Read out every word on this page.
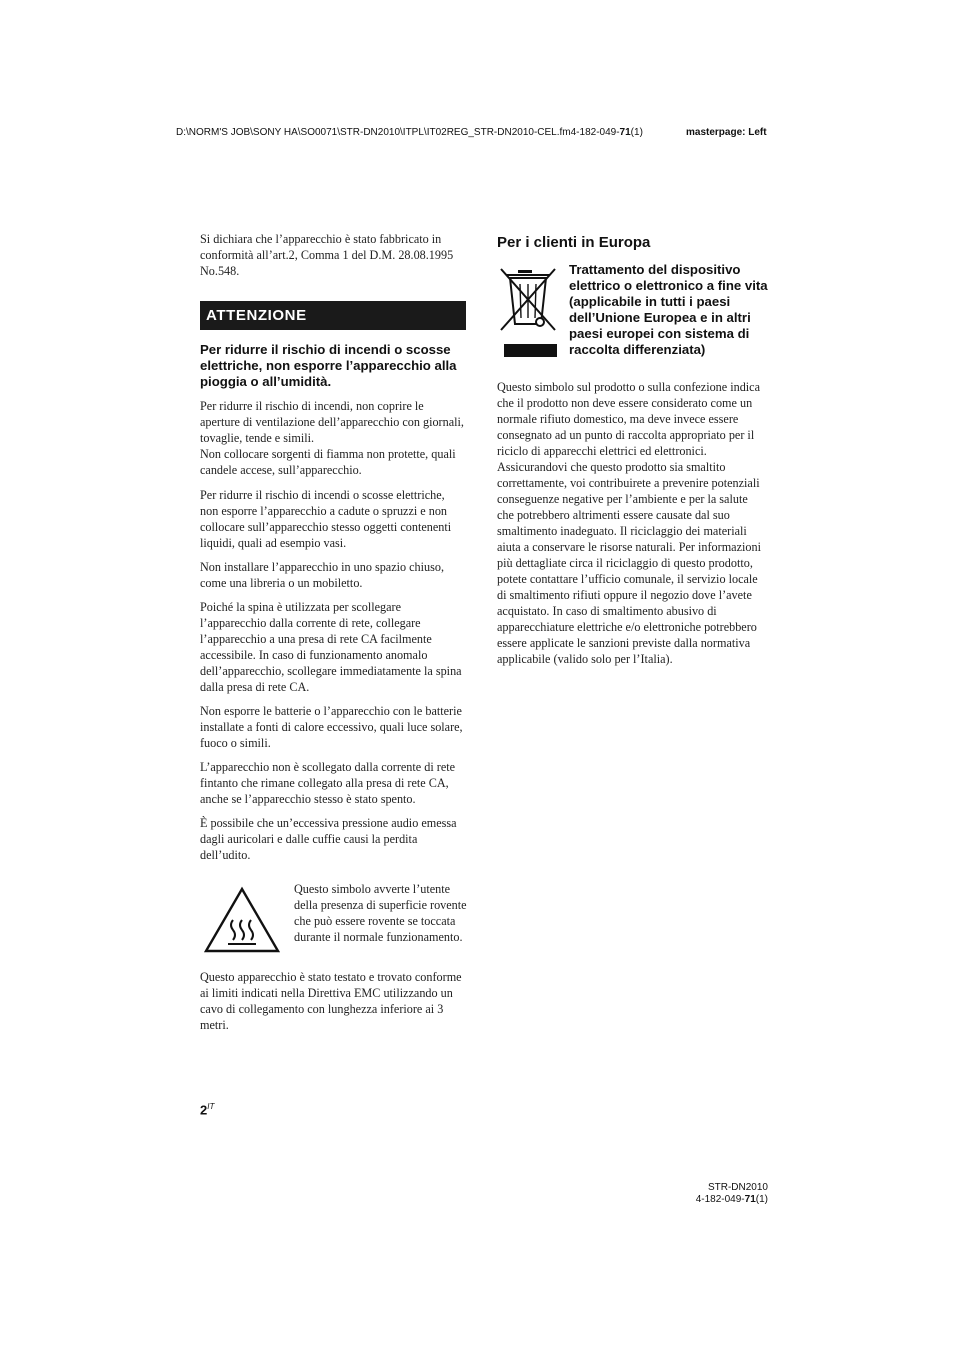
D:\NORM'S JOB\SONY HA\SO0071\STR-DN2010\ITPL\IT02REG_STR-DN2010-CEL.fm4-182-049-71(1)	masterpage: Left

Si dichiara che l’apparecchio è stato fabbricato in conformità all’art.2, Comma 1 del D.M. 28.08.1995 No.548.

ATTENZIONE
Per ridurre il rischio di incendi o scosse elettriche, non esporre l’apparecchio alla pioggia o all’umidità.

Per ridurre il rischio di incendi, non coprire le aperture di ventilazione dell’apparecchio con giornali, tovaglie, tende e simili.

Non collocare sorgenti di fiamma non protette, quali candele accese, sull’apparecchio.

Per ridurre il rischio di incendi o scosse elettriche, non esporre l’apparecchio a cadute o spruzzi e non collocare sull’apparecchio stesso oggetti contenenti liquidi, quali ad esempio vasi.

Non installare l’apparecchio in uno spazio chiuso, come una libreria o un mobiletto.

Poiché la spina è utilizzata per scollegare l’apparecchio dalla corrente di rete, collegare l’apparecchio a una presa di rete CA facilmente accessibile. In caso di funzionamento anomalo dell’apparecchio, scollegare immediatamente la spina dalla presa di rete CA.

Non esporre le batterie o l’apparecchio con le batterie installate a fonti di calore eccessivo, quali luce solare, fuoco o simili.

L’apparecchio non è scollegato dalla corrente di rete fintanto che rimane collegato alla presa di rete CA, anche se l’apparecchio stesso è stato spento.

È possibile che un’eccessiva pressione audio emessa dagli auricolari e dalle cuffie causi la perdita dell’udito.

Questo simbolo avverte l’utente della presenza di superficie rovente che può essere rovente se toccata durante il normale funzionamento.

Questo apparecchio è stato testato e trovato conforme ai limiti indicati nella Direttiva EMC utilizzando un cavo di collegamento con lunghezza inferiore ai 3 metri.

$2^{IT}$
Per i clienti in Europa
Trattamento del dispositivo elettrico o elettronico a fine vita (applicabile in tutti i paesi dell’Unione Europea e in altri paesi europei con sistema di raccolta differenziata)

Questo simbolo sul prodotto o sulla confezione indica che il prodotto non deve essere considerato come un normale rifiuto domestico, ma deve invece essere consegnato ad un punto di raccolta appropriato per il riciclo di apparecchi elettrici ed elettronici. Assicurandovi che questo prodotto sia smaltito correttamente, voi contribuirete a prevenire potenziali conseguenze negative per l’ambiente e per la salute che potrebbero altrimenti essere causate dal suo smaltimento inadeguato. Il riciclaggio dei materiali aiuta a conservare le risorse naturali. Per informazioni più dettagliate circa il riciclaggio di questo prodotto, potete contattare l’ufficio comunale, il servizio locale di smaltimento rifiuti oppure il negozio dove l’avete acquistato. In caso di smaltimento abusivo di apparecchiature elettriche e/o elettroniche potrebbero essere applicate le sanzioni previste dalla normativa applicabile (valido solo per l’Italia).

STR-DN2010
4-182-049-71(1)
